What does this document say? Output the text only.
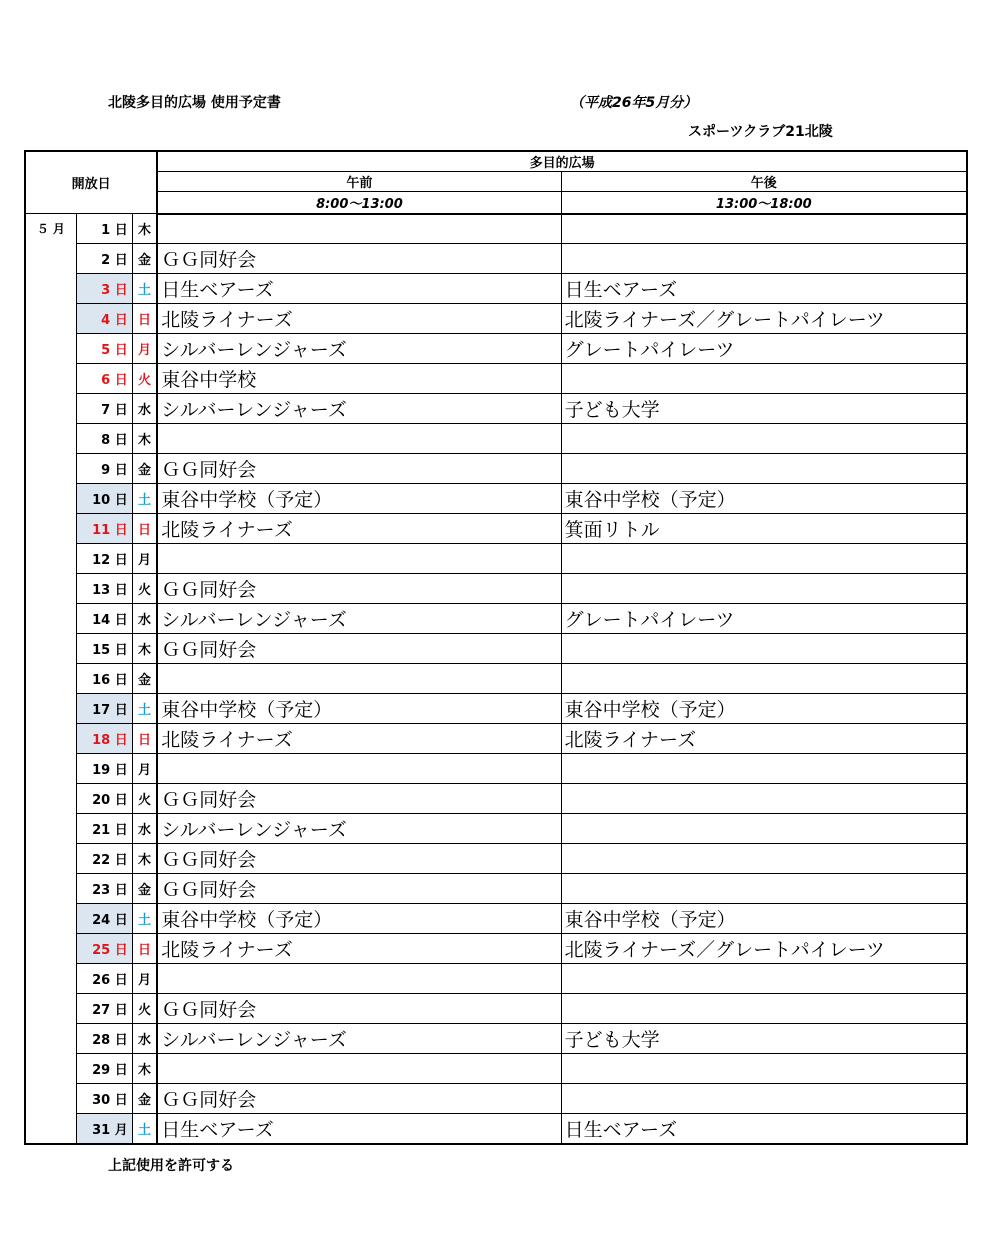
北陵多目的広場 使用予定書	（平成26年5月分）
スポーツクラブ21北陵
開放日			多目的広場	
			午前	午後
			8:00～13:00	13:00～18:00
５ 月	1 日	木		
	2 日	金	ＧＧ同好会	
	3 日	土	日生ベアーズ	日生ベアーズ
	4 日	日	北陵ライナーズ	北陵ライナーズ／グレートパイレーツ
	5 日	月	シルバーレンジャーズ	グレートパイレーツ
	6 日	火	東谷中学校	
	7 日	水	シルバーレンジャーズ	子ども大学
	8 日	木		
	9 日	金	ＧＧ同好会	
	10 日	土	東谷中学校（予定）	東谷中学校（予定）
	11 日	日	北陵ライナーズ	箕面リトル
	12 日	月		
	13 日	火	ＧＧ同好会	
	14 日	水	シルバーレンジャーズ	グレートパイレーツ
	15 日	木	ＧＧ同好会	
	16 日	金		
	17 日	土	東谷中学校（予定）	東谷中学校（予定）
	18 日	日	北陵ライナーズ	北陵ライナーズ
	19 日	月		
	20 日	火	ＧＧ同好会	
	21 日	水	シルバーレンジャーズ	
	22 日	木	ＧＧ同好会	
	23 日	金	ＧＧ同好会	
	24 日	土	東谷中学校（予定）	東谷中学校（予定）
	25 日	日	北陵ライナーズ	北陵ライナーズ／グレートパイレーツ
	26 日	月		
	27 日	火	ＧＧ同好会	
	28 日	水	シルバーレンジャーズ	子ども大学
	29 日	木		
	30 日	金	ＧＧ同好会	
	31 月	土	日生ベアーズ	日生ベアーズ
上記使用を許可する
